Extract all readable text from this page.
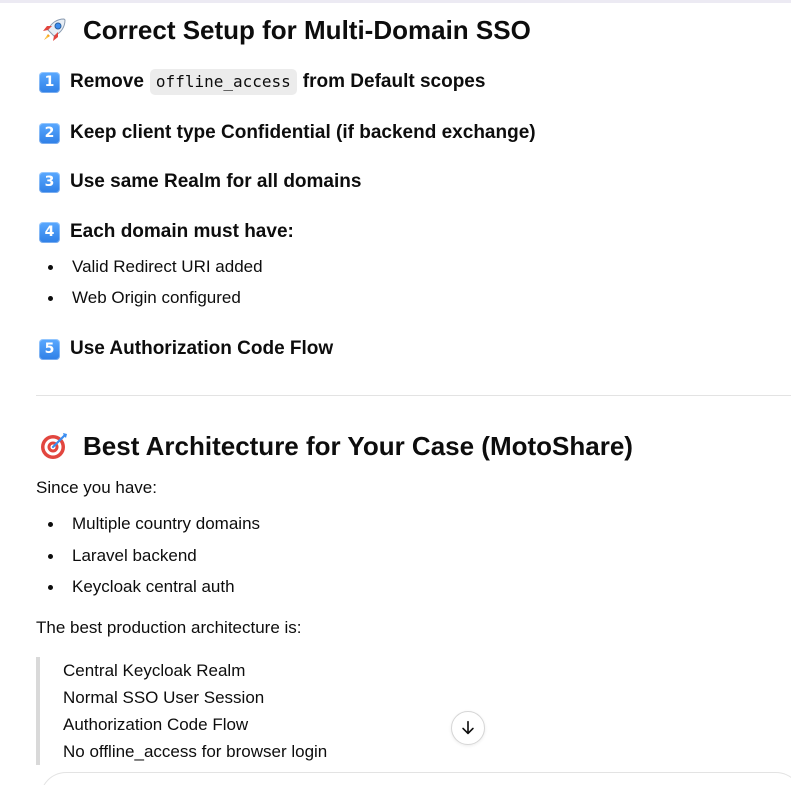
Correct Setup for Multi-Domain SSO
1 Remove offline_access from Default scopes
2 Keep client type Confidential (if backend exchange)
3 Use same Realm for all domains
4 Each domain must have:
Valid Redirect URI added
Web Origin configured
5 Use Authorization Code Flow
Best Architecture for Your Case (MotoShare)

Since you have:

Multiple country domains
Laravel backend
Keycloak central auth

The best production architecture is:

Central Keycloak Realm
Normal SSO User Session
Authorization Code Flow
No offline_access for browser login
